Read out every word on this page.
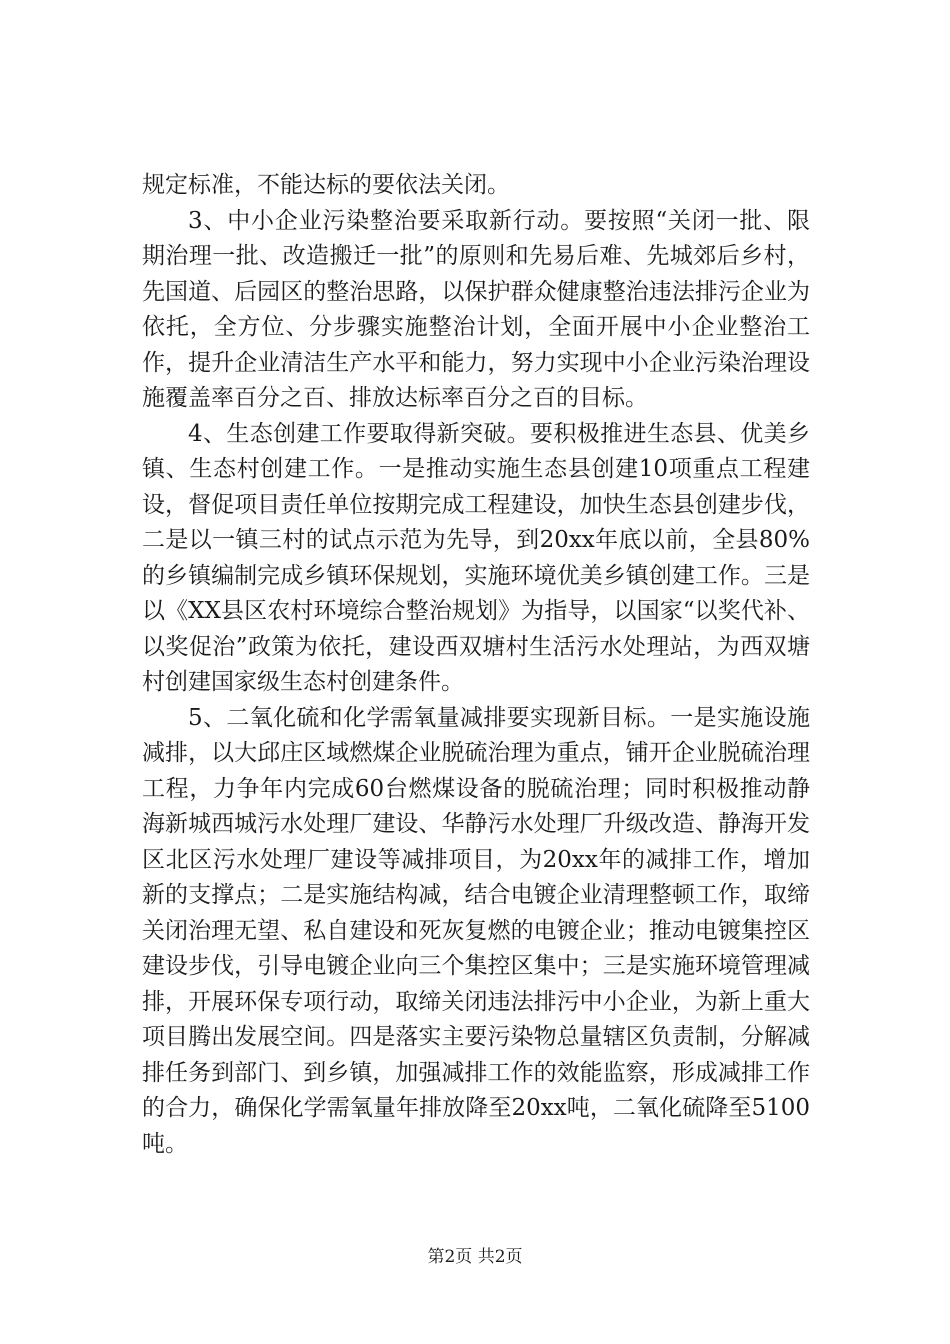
规定标准，不能达标的要依法关闭。

3、中小企业污染整治要采取新行动。要按照“关闭一批、限期治理一批、改造搬迁一批”的原则和先易后难、先城郊后乡村，先国道、后园区的整治思路，以保护群众健康整治违法排污企业为依托，全方位、分步骤实施整治计划，全面开展中小企业整治工作，提升企业清洁生产水平和能力，努力实现中小企业污染治理设施覆盖率百分之百、排放达标率百分之百的目标。

4、生态创建工作要取得新突破。要积极推进生态县、优美乡镇、生态村创建工作。一是推动实施生态县创建10项重点工程建设，督促项目责任单位按期完成工程建设，加快生态县创建步伐，二是以一镇三村的试点示范为先导，到20xx年底以前，全县80%的乡镇编制完成乡镇环保规划，实施环境优美乡镇创建工作。三是以《XX县区农村环境综合整治规划》为指导，以国家“以奖代补、以奖促治”政策为依托，建设西双塘村生活污水处理站，为西双塘村创建国家级生态村创建条件。

5、二氧化硫和化学需氧量减排要实现新目标。一是实施设施减排，以大邱庄区域燃煤企业脱硫治理为重点，铺开企业脱硫治理工程，力争年内完成60台燃煤设备的脱硫治理；同时积极推动静海新城西城污水处理厂建设、华静污水处理厂升级改造、静海开发区北区污水处理厂建设等减排项目，为20xx年的减排工作，增加新的支撑点；二是实施结构减，结合电镀企业清理整顿工作，取缔关闭治理无望、私自建设和死灰复燃的电镀企业；推动电镀集控区建设步伐，引导电镀企业向三个集控区集中；三是实施环境管理减排，开展环保专项行动，取缔关闭违法排污中小企业，为新上重大项目腾出发展空间。四是落实主要污染物总量辖区负责制，分解减排任务到部门、到乡镇，加强减排工作的效能监察，形成减排工作的合力，确保化学需氧量年排放降至20xx吨，二氧化硫降至5100吨。

第2页 共2页
